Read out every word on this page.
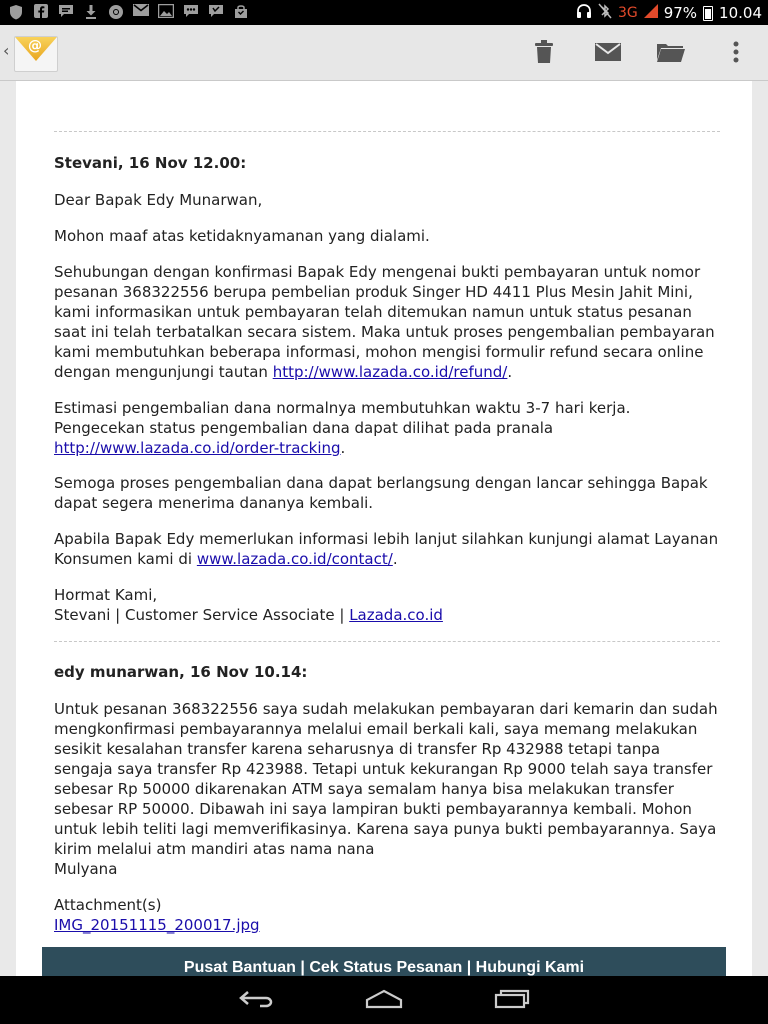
3G 97% 10.04
‹ @
Stevani, 16 Nov 12.00:

Dear Bapak Edy Munarwan,

Mohon maaf atas ketidaknyamanan yang dialami.

Sehubungan dengan konfirmasi Bapak Edy mengenai bukti pembayaran untuk nomor pesanan 368322556 berupa pembelian produk Singer HD 4411 Plus Mesin Jahit Mini, kami informasikan untuk pembayaran telah ditemukan namun untuk status pesanan saat ini telah terbatalkan secara sistem. Maka untuk proses pengembalian pembayaran kami membutuhkan beberapa informasi, mohon mengisi formulir refund secara online dengan mengunjungi tautan http://www.lazada.co.id/refund/.

Estimasi pengembalian dana normalnya membutuhkan waktu 3-7 hari kerja. Pengecekan status pengembalian dana dapat dilihat pada pranala http://www.lazada.co.id/order-tracking.

Semoga proses pengembalian dana dapat berlangsung dengan lancar sehingga Bapak dapat segera menerima dananya kembali.

Apabila Bapak Edy memerlukan informasi lebih lanjut silahkan kunjungi alamat Layanan Konsumen kami di www.lazada.co.id/contact/.

Hormat Kami,

Stevani | Customer Service Associate | Lazada.co.id

edy munarwan, 16 Nov 10.14:

Untuk pesanan 368322556 saya sudah melakukan pembayaran dari kemarin dan sudah mengkonfirmasi pembayarannya melalui email berkali kali, saya memang melakukan sesikit kesalahan transfer karena seharusnya di transfer Rp 432988 tetapi tanpa sengaja saya transfer Rp 423988. Tetapi untuk kekurangan Rp 9000 telah saya transfer sebesar Rp 50000 dikarenakan ATM saya semalam hanya bisa melakukan transfer sebesar RP 50000. Dibawah ini saya lampiran bukti pembayarannya kembali. Mohon untuk lebih teliti lagi memverifikasinya. Karena saya punya bukti pembayarannya. Saya kirim melalui atm mandiri atas nama nana

Mulyana

Attachment(s)

IMG_20151115_200017.jpg

Pusat Bantuan | Cek Status Pesanan | Hubungi Kami
